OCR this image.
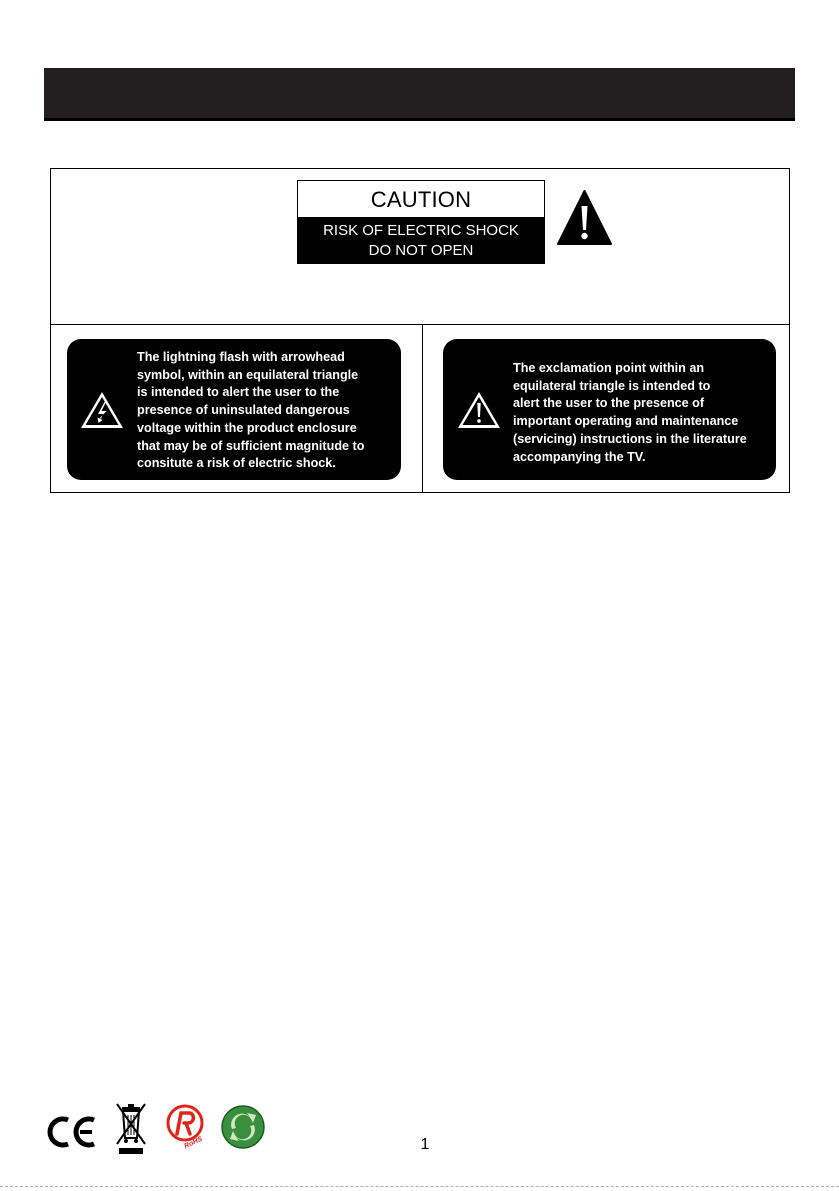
CAUTION
RISK OF ELECTRIC SHOCK
DO NOT OPEN
The lightning flash with arrowhead
symbol, within an equilateral triangle
is intended to alert the user to the
presence of uninsulated dangerous
voltage within the product enclosure
that may be of sufficient magnitude to
consitute a risk of electric shock.
The exclamation point within an
equilateral triangle is intended to
alert the user to the presence of
important operating and maintenance
(servicing) instructions in the literature
accompanying the TV.
RoHS	1
